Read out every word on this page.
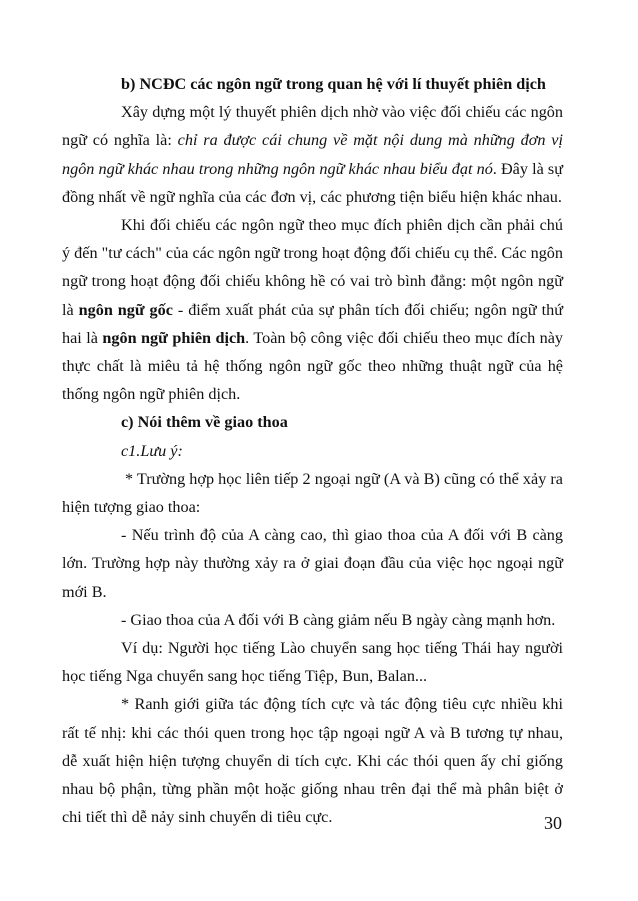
b) NCĐC các ngôn ngữ trong quan hệ với lí thuyết phiên dịch

Xây dựng một lý thuyết phiên dịch nhờ vào việc đối chiếu các ngôn ngữ có nghĩa là: chỉ ra được cái chung về mặt nội dung mà những đơn vị ngôn ngữ khác nhau trong những ngôn ngữ khác nhau biểu đạt nó. Đây là sự đồng nhất về ngữ nghĩa của các đơn vị, các phương tiện biểu hiện khác nhau.

Khi đối chiếu các ngôn ngữ theo mục đích phiên dịch cần phải chú ý đến "tư cách" của các ngôn ngữ trong hoạt động đối chiếu cụ thể. Các ngôn ngữ trong hoạt động đối chiếu không hề có vai trò bình đẳng: một ngôn ngữ là ngôn ngữ gốc - điểm xuất phát của sự phân tích đối chiếu; ngôn ngữ thứ hai là ngôn ngữ phiên dịch. Toàn bộ công việc đối chiếu theo mục đích này thực chất là miêu tả hệ thống ngôn ngữ gốc theo những thuật ngữ của hệ thống ngôn ngữ phiên dịch.

c) Nói thêm về giao thoa

c1.Lưu ý:

* Trường hợp học liên tiếp 2 ngoại ngữ (A và B) cũng có thể xảy ra hiện tượng giao thoa:

- Nếu trình độ của A càng cao, thì giao thoa của A đối với B càng lớn. Trường hợp này thường xảy ra ở giai đoạn đầu của việc học ngoại ngữ mới B.

- Giao thoa của A đối với B càng giảm nếu B ngày càng mạnh hơn.

Ví dụ: Người học tiếng Lào chuyển sang học tiếng Thái hay người học tiếng Nga chuyển sang học tiếng Tiệp, Bun, Balan...

* Ranh giới giữa tác động tích cực và tác động tiêu cực nhiều khi rất tế nhị: khi các thói quen trong học tập ngoại ngữ A và B tương tự nhau, dễ xuất hiện hiện tượng chuyển di tích cực. Khi các thói quen ấy chỉ giống nhau bộ phận, từng phần một hoặc giống nhau trên đại thể mà phân biệt ở chi tiết thì dễ nảy sinh chuyển di tiêu cực.	30
